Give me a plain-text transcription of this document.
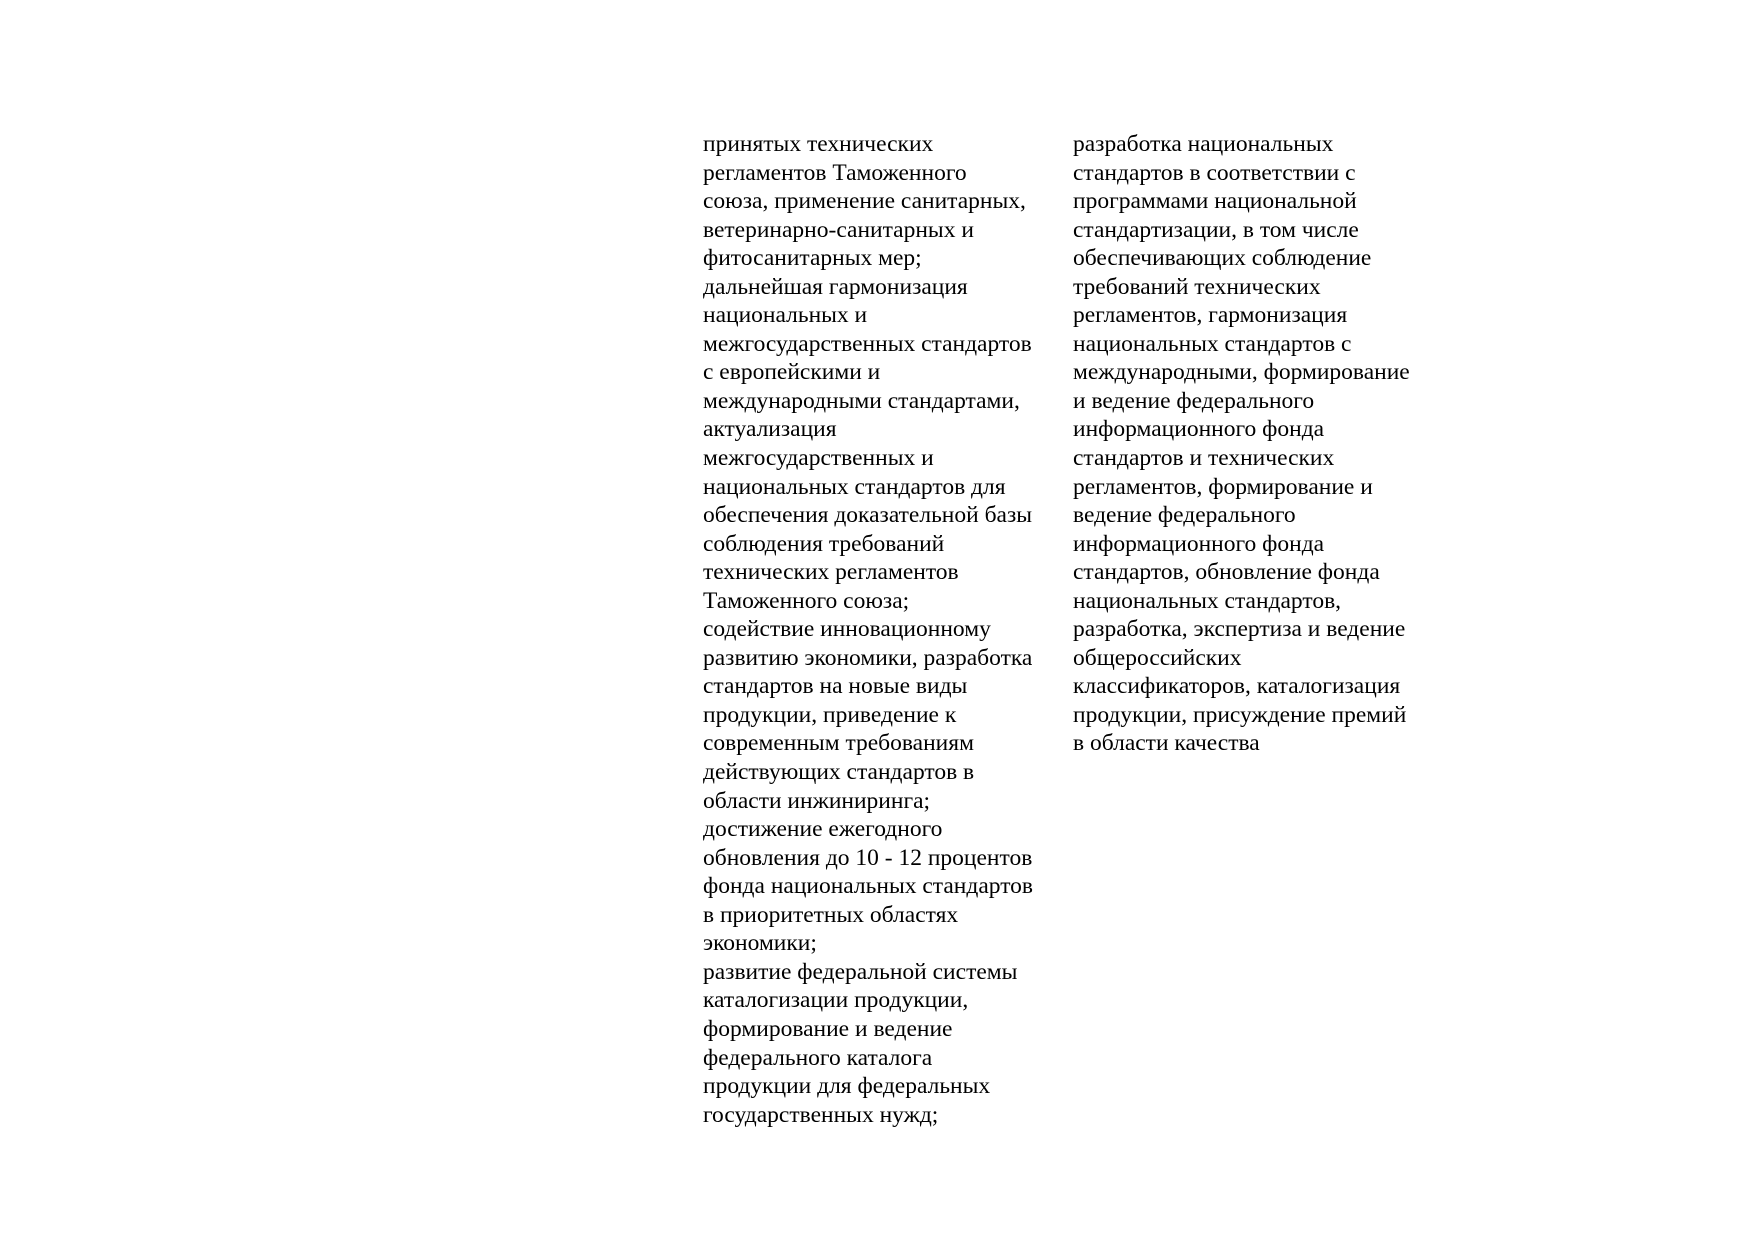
принятых технических
регламентов Таможенного
союза, применение санитарных,
ветеринарно-санитарных и
фитосанитарных мер;
дальнейшая гармонизация
национальных и
межгосударственных стандартов
с европейскими и
международными стандартами,
актуализация
межгосударственных и
национальных стандартов для
обеспечения доказательной базы
соблюдения требований
технических регламентов
Таможенного союза;
содействие инновационному
развитию экономики, разработка
стандартов на новые виды
продукции, приведение к
современным требованиям
действующих стандартов в
области инжиниринга;
достижение ежегодного
обновления до 10 - 12 процентов
фонда национальных стандартов
в приоритетных областях
экономики;
развитие федеральной системы
каталогизации продукции,
формирование и ведение
федерального каталога
продукции для федеральных
государственных нужд;
разработка национальных
стандартов в соответствии с
программами национальной
стандартизации, в том числе
обеспечивающих соблюдение
требований технических
регламентов, гармонизация
национальных стандартов с
международными, формирование
и ведение федерального
информационного фонда
стандартов и технических
регламентов, формирование и
ведение федерального
информационного фонда
стандартов, обновление фонда
национальных стандартов,
разработка, экспертиза и ведение
общероссийских
классификаторов, каталогизация
продукции, присуждение премий
в области качества
